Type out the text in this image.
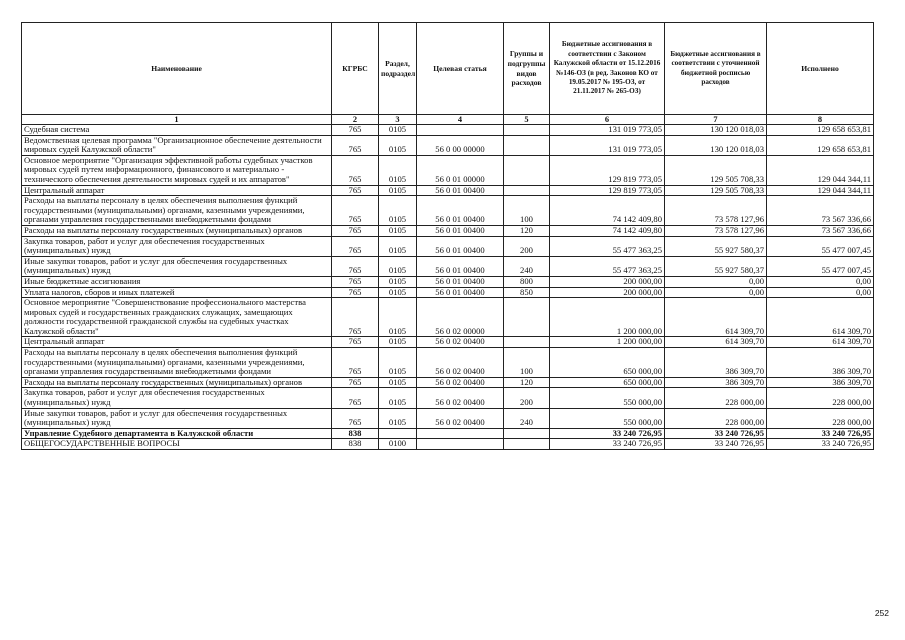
Наименование	КГРБС	Раздел, подраздел	Целевая статья	Группы и подгруппы видов расходов	Бюджетные ассигнования в соответствии с Законом Калужской области от 15.12.2016 №146-ОЗ (в ред. Законов КО от 19.05.2017 № 195-ОЗ, от 21.11.2017 № 265-ОЗ)	Бюджетные ассигнования в соответствии с уточненной бюджетной росписью расходов	Исполнено
1	2	3	4	5	6	7	8
Судебная система	765	0105			131 019 773,05	130 120 018,03	129 658 653,81
Ведомственная целевая программа "Организационное обеспечение деятельности мировых судей Калужской области"	765	0105	56 0 00 00000		131 019 773,05	130 120 018,03	129 658 653,81
Основное мероприятие "Организация эффективной работы судебных участков мировых судей путем информационного, финансового и материально - технического обеспечения деятельности мировых судей и их аппаратов"	765	0105	56 0 01 00000		129 819 773,05	129 505 708,33	129 044 344,11
Центральный аппарат	765	0105	56 0 01 00400		129 819 773,05	129 505 708,33	129 044 344,11
Расходы на выплаты персоналу в целях обеспечения выполнения функций государственными (муниципальными) органами, казенными учреждениями, органами управления государственными внебюджетными фондами	765	0105	56 0 01 00400	100	74 142 409,80	73 578 127,96	73 567 336,66
Расходы на выплаты персоналу государственных (муниципальных) органов	765	0105	56 0 01 00400	120	74 142 409,80	73 578 127,96	73 567 336,66
Закупка товаров, работ и услуг для обеспечения государственных (муниципальных) нужд	765	0105	56 0 01 00400	200	55 477 363,25	55 927 580,37	55 477 007,45
Иные закупки товаров, работ и услуг для обеспечения государственных (муниципальных) нужд	765	0105	56 0 01 00400	240	55 477 363,25	55 927 580,37	55 477 007,45
Иные бюджетные ассигнования	765	0105	56 0 01 00400	800	200 000,00	0,00	0,00
Уплата налогов, сборов и иных платежей	765	0105	56 0 01 00400	850	200 000,00	0,00	0,00
Основное мероприятие "Совершенствование профессионального мастерства мировых судей и государственных гражданских служащих, замещающих должности государственной гражданской службы на судебных участках Калужской области"	765	0105	56 0 02 00000		1 200 000,00	614 309,70	614 309,70
Центральный аппарат	765	0105	56 0 02 00400		1 200 000,00	614 309,70	614 309,70
Расходы на выплаты персоналу в целях обеспечения выполнения функций государственными (муниципальными) органами, казенными учреждениями, органами управления государственными внебюджетными фондами	765	0105	56 0 02 00400	100	650 000,00	386 309,70	386 309,70
Расходы на выплаты персоналу государственных (муниципальных) органов	765	0105	56 0 02 00400	120	650 000,00	386 309,70	386 309,70
Закупка товаров, работ и услуг для обеспечения государственных (муниципальных) нужд	765	0105	56 0 02 00400	200	550 000,00	228 000,00	228 000,00
Иные закупки товаров, работ и услуг для обеспечения государственных (муниципальных) нужд	765	0105	56 0 02 00400	240	550 000,00	228 000,00	228 000,00
Управление Судебного департамента в Калужской области	838				33 240 726,95	33 240 726,95	33 240 726,95
ОБЩЕГОСУДАРСТВЕННЫЕ ВОПРОСЫ	838	0100			33 240 726,95	33 240 726,95	33 240 726,95
252
